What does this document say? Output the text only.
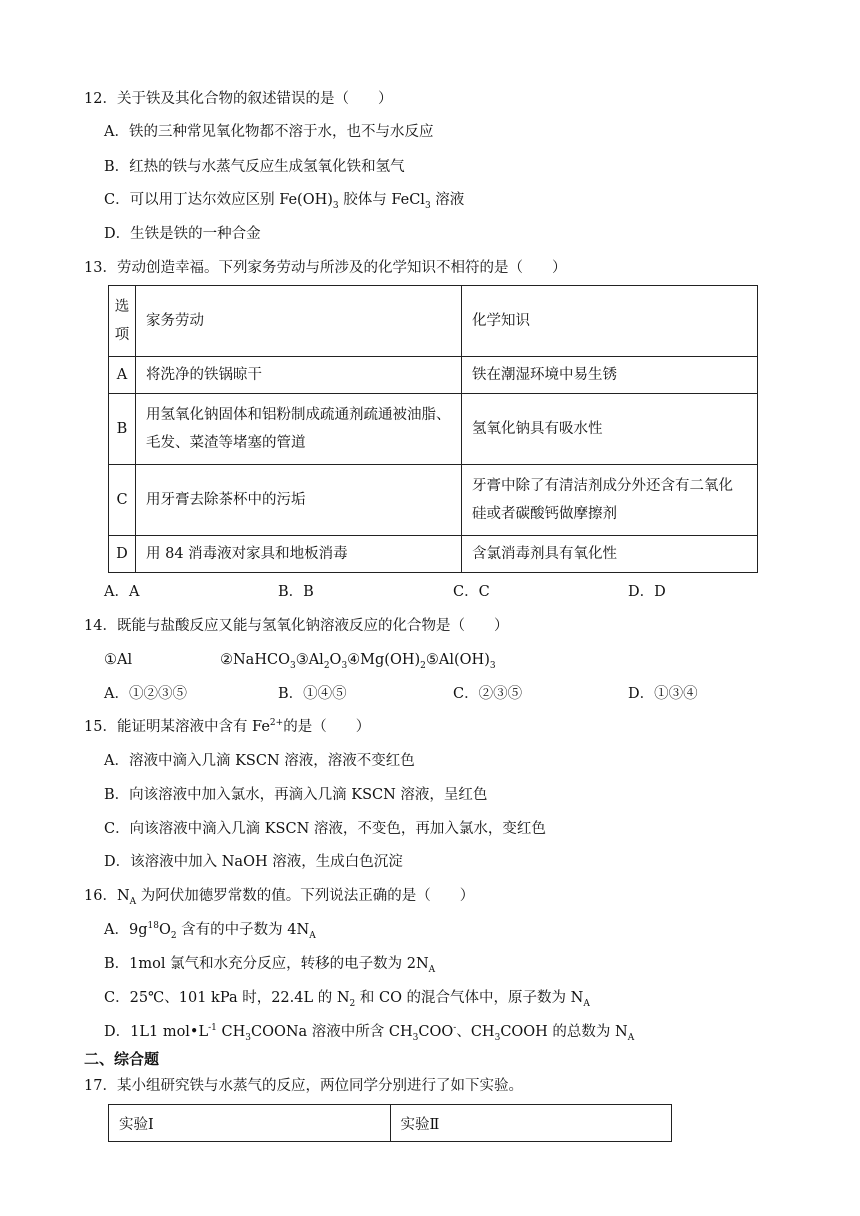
12．关于铁及其化合物的叙述错误的是（　　）
A．铁的三种常见氧化物都不溶于水，也不与水反应
B．红热的铁与水蒸气反应生成氢氧化铁和氢气
C．可以用丁达尔效应区别 $Fe(OH)_3$ 胶体与 FeCl$_3$ 溶液
D．生铁是铁的一种合金
13．劳动创造幸福。下列家务劳动与所涉及的化学知识不相符的是（　　）
选项	家务劳动	化学知识
A	将洗净的铁锅晾干	铁在潮湿环境中易生锈
B	用氢氧化钠固体和铝粉制成疏通剂疏通被油脂、毛发、菜渣等堵塞的管道	氢氧化钠具有吸水性
C	用牙膏去除茶杯中的污垢	牙膏中除了有清洁剂成分外还含有二氧化硅或者碳酸钙做摩擦剂
D	用 84 消毒液对家具和地板消毒	含氯消毒剂具有氧化性
A．A	B．B	C．C	D．D
14．既能与盐酸反应又能与氢氧化钠溶液反应的化合物是（　　）
①Al	$②NaHCO_3③Al_2O_3④Mg(OH)_2⑤Al(OH)_3$
A．①②③⑤	B．①④⑤	C．②③⑤	D．①③④
15．能证明某溶液中含有 $Fe^{2+}$的是（　　）
A．溶液中滴入几滴 KSCN 溶液，溶液不变红色
B．向该溶液中加入氯水，再滴入几滴 KSCN 溶液，呈红色
C．向该溶液中滴入几滴 KSCN 溶液，不变色，再加入氯水，变红色
D．该溶液中加入 NaOH 溶液，生成白色沉淀
16．$N_A$ 为阿伏加德罗常数的值。下列说法正确的是（　　）
A．$9g^{18}O_2$ 含有的中子数为 $4N_A$
B．1mol 氯气和水充分反应，转移的电子数为 $2N_A$
C．25℃、101 kPa 时，22.4L 的 $N_2$ 和 CO 的混合气体中，原子数为 $N_A$
D．1L1 $mol•L^{-1}$ $CH_3COONa$ 溶液中所含 $CH_3COO^-$、$CH_3COOH$ 的总数为 $N_A$
二、综合题
17．某小组研究铁与水蒸气的反应，两位同学分别进行了如下实验。
实验Ⅰ	实验Ⅱ
